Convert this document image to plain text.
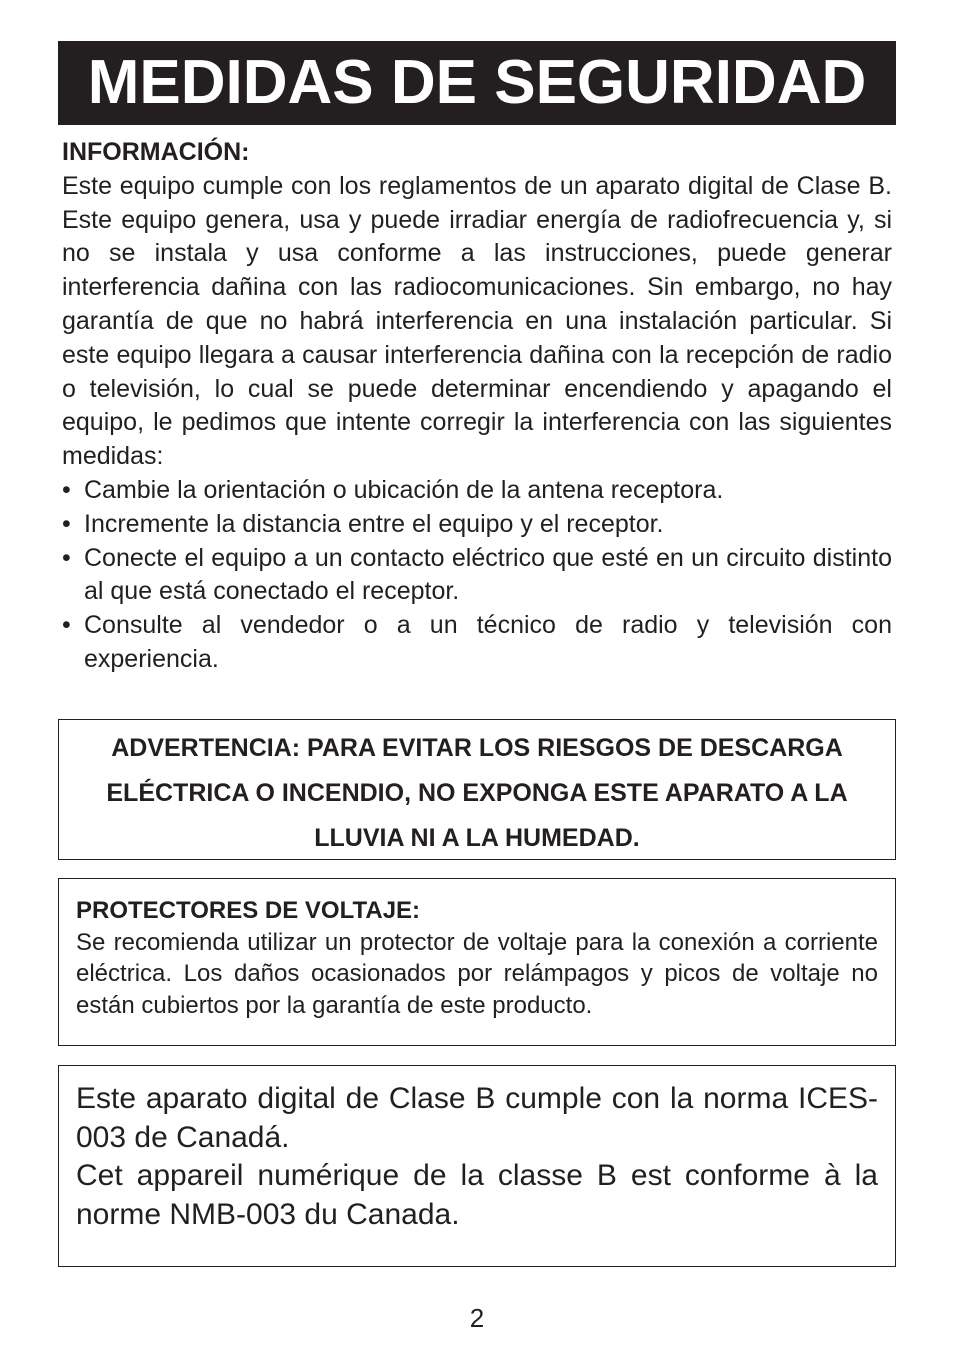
MEDIDAS DE SEGURIDAD
INFORMACIÓN:

Este equipo cumple con los reglamentos de un aparato digital de Clase B. Este equipo genera, usa y puede irradiar energía de radiofrecuencia y, si no se instala y usa conforme a las instrucciones, puede generar interferencia dañina con las radiocomunicaciones. Sin embargo, no hay garantía de que no habrá interferencia en una instalación particular. Si este equipo llegara a causar interferencia dañina con la recepción de radio o televisión, lo cual se puede determinar encendiendo y apagando el equipo, le pedimos que intente corregir la interferencia con las siguientes medidas:

• Cambie la orientación o ubicación de la antena receptora.
• Incremente la distancia entre el equipo y el receptor.
• Conecte el equipo a un contacto eléctrico que esté en un circuito distinto al que está conectado el receptor.
• Consulte al vendedor o a un técnico de radio y televisión con experiencia.

ADVERTENCIA: PARA EVITAR LOS RIESGOS DE DESCARGA ELÉCTRICA O INCENDIO, NO EXPONGA ESTE APARATO A LA LLUVIA NI A LA HUMEDAD.

PROTECTORES DE VOLTAJE:

Se recomienda utilizar un protector de voltaje para la conexión a corriente eléctrica. Los daños ocasionados por relámpagos y picos de voltaje no están cubiertos por la garantía de este producto.

Este aparato digital de Clase B cumple con la norma ICES-003 de Canadá.

Cet appareil numérique de la classe B est conforme à la norme NMB-003 du Canada.

2
